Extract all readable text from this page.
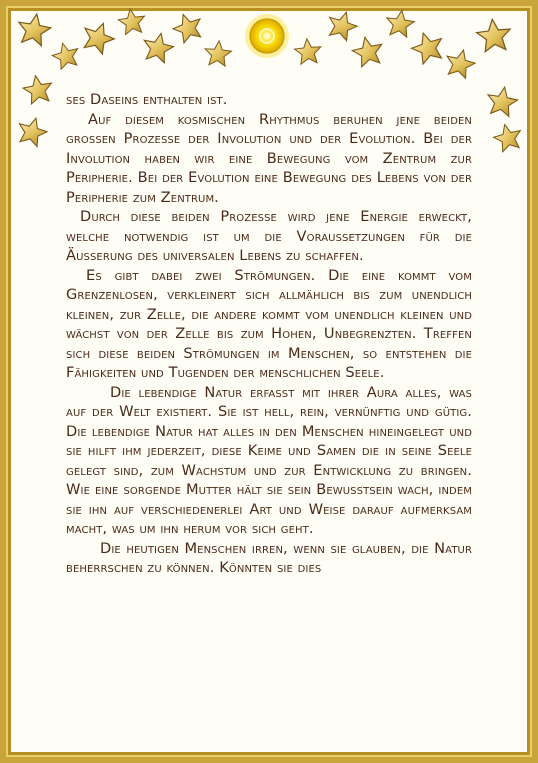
ses Daseins enthalten ist.

Auf diesem kosmischen Rhythmus beruhen jene beiden grossen Prozesse der Involution und der Evolution. Bei der Involution haben wir eine Bewegung vom Zentrum zur Peripherie. Bei der Evolution eine Bewegung des Lebens von der Peripherie zum Zentrum.

Durch diese beiden Prozesse wird jene Energie erweckt, welche notwendig ist um die Voraussetzungen für die Äusserung des universalen Lebens zu schaffen.

Es gibt dabei zwei Strömungen. Die eine kommt vom Grenzenlosen, verkleinert sich allmählich bis zum unendlich kleinen, zur Zelle, die andere kommt vom unendlich kleinen und wächst von der Zelle bis zum Hohen, Unbegrenzten. Treffen sich diese beiden Strömungen im Menschen, so entstehen die Fähigkeiten und Tugenden der menschlichen Seele.

Die lebendige Natur erfasst mit ihrer Aura alles, was auf der Welt existiert. Sie ist hell, rein, vernünftig und gütig. Die lebendige Natur hat alles in den Menschen hineingelegt und sie hilft ihm jederzeit, diese Keime und Samen die in seine Seele gelegt sind, zum Wachstum und zur Entwicklung zu bringen. Wie eine sorgende Mutter hält sie sein Bewusstsein wach, indem sie ihn auf verschiedenerlei Art und Weise darauf aufmerksam macht, was um ihn herum vor sich geht.

Die heutigen Menschen irren, wenn sie glauben, die Natur beherrschen zu können. Könnten sie dies
